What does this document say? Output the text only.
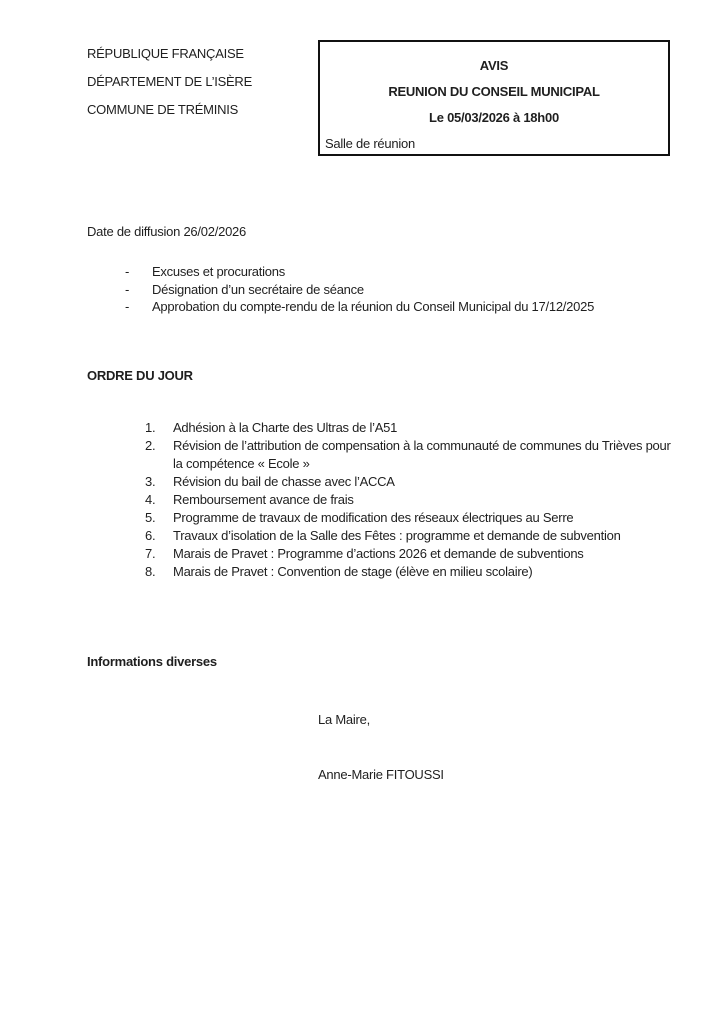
RÉPUBLIQUE FRANÇAISE

DÉPARTEMENT DE L’ISÈRE

COMMUNE DE TRÉMINIS

AVIS

REUNION DU CONSEIL MUNICIPAL

Le 05/03/2026 à 18h00

Salle de réunion

Date de diffusion 26/02/2026

- Excuses et procurations
- Désignation d’un secrétaire de séance
- Approbation du compte-rendu de la réunion du Conseil Municipal du 17/12/2025

ORDRE DU JOUR

Adhésion à la Charte des Ultras de l’A51
Révision de l’attribution de compensation à la communauté de communes du Trièves pour la compétence « Ecole »
Révision du bail de chasse avec l’ACCA
Remboursement avance de frais
Programme de travaux de modification des réseaux électriques au Serre
Travaux d’isolation de la Salle des Fêtes : programme et demande de subvention
Marais de Pravet : Programme d’actions 2026 et demande de subventions
Marais de Pravet : Convention de stage (élève en milieu scolaire)

Informations diverses

La Maire,

Anne-Marie FITOUSSI
